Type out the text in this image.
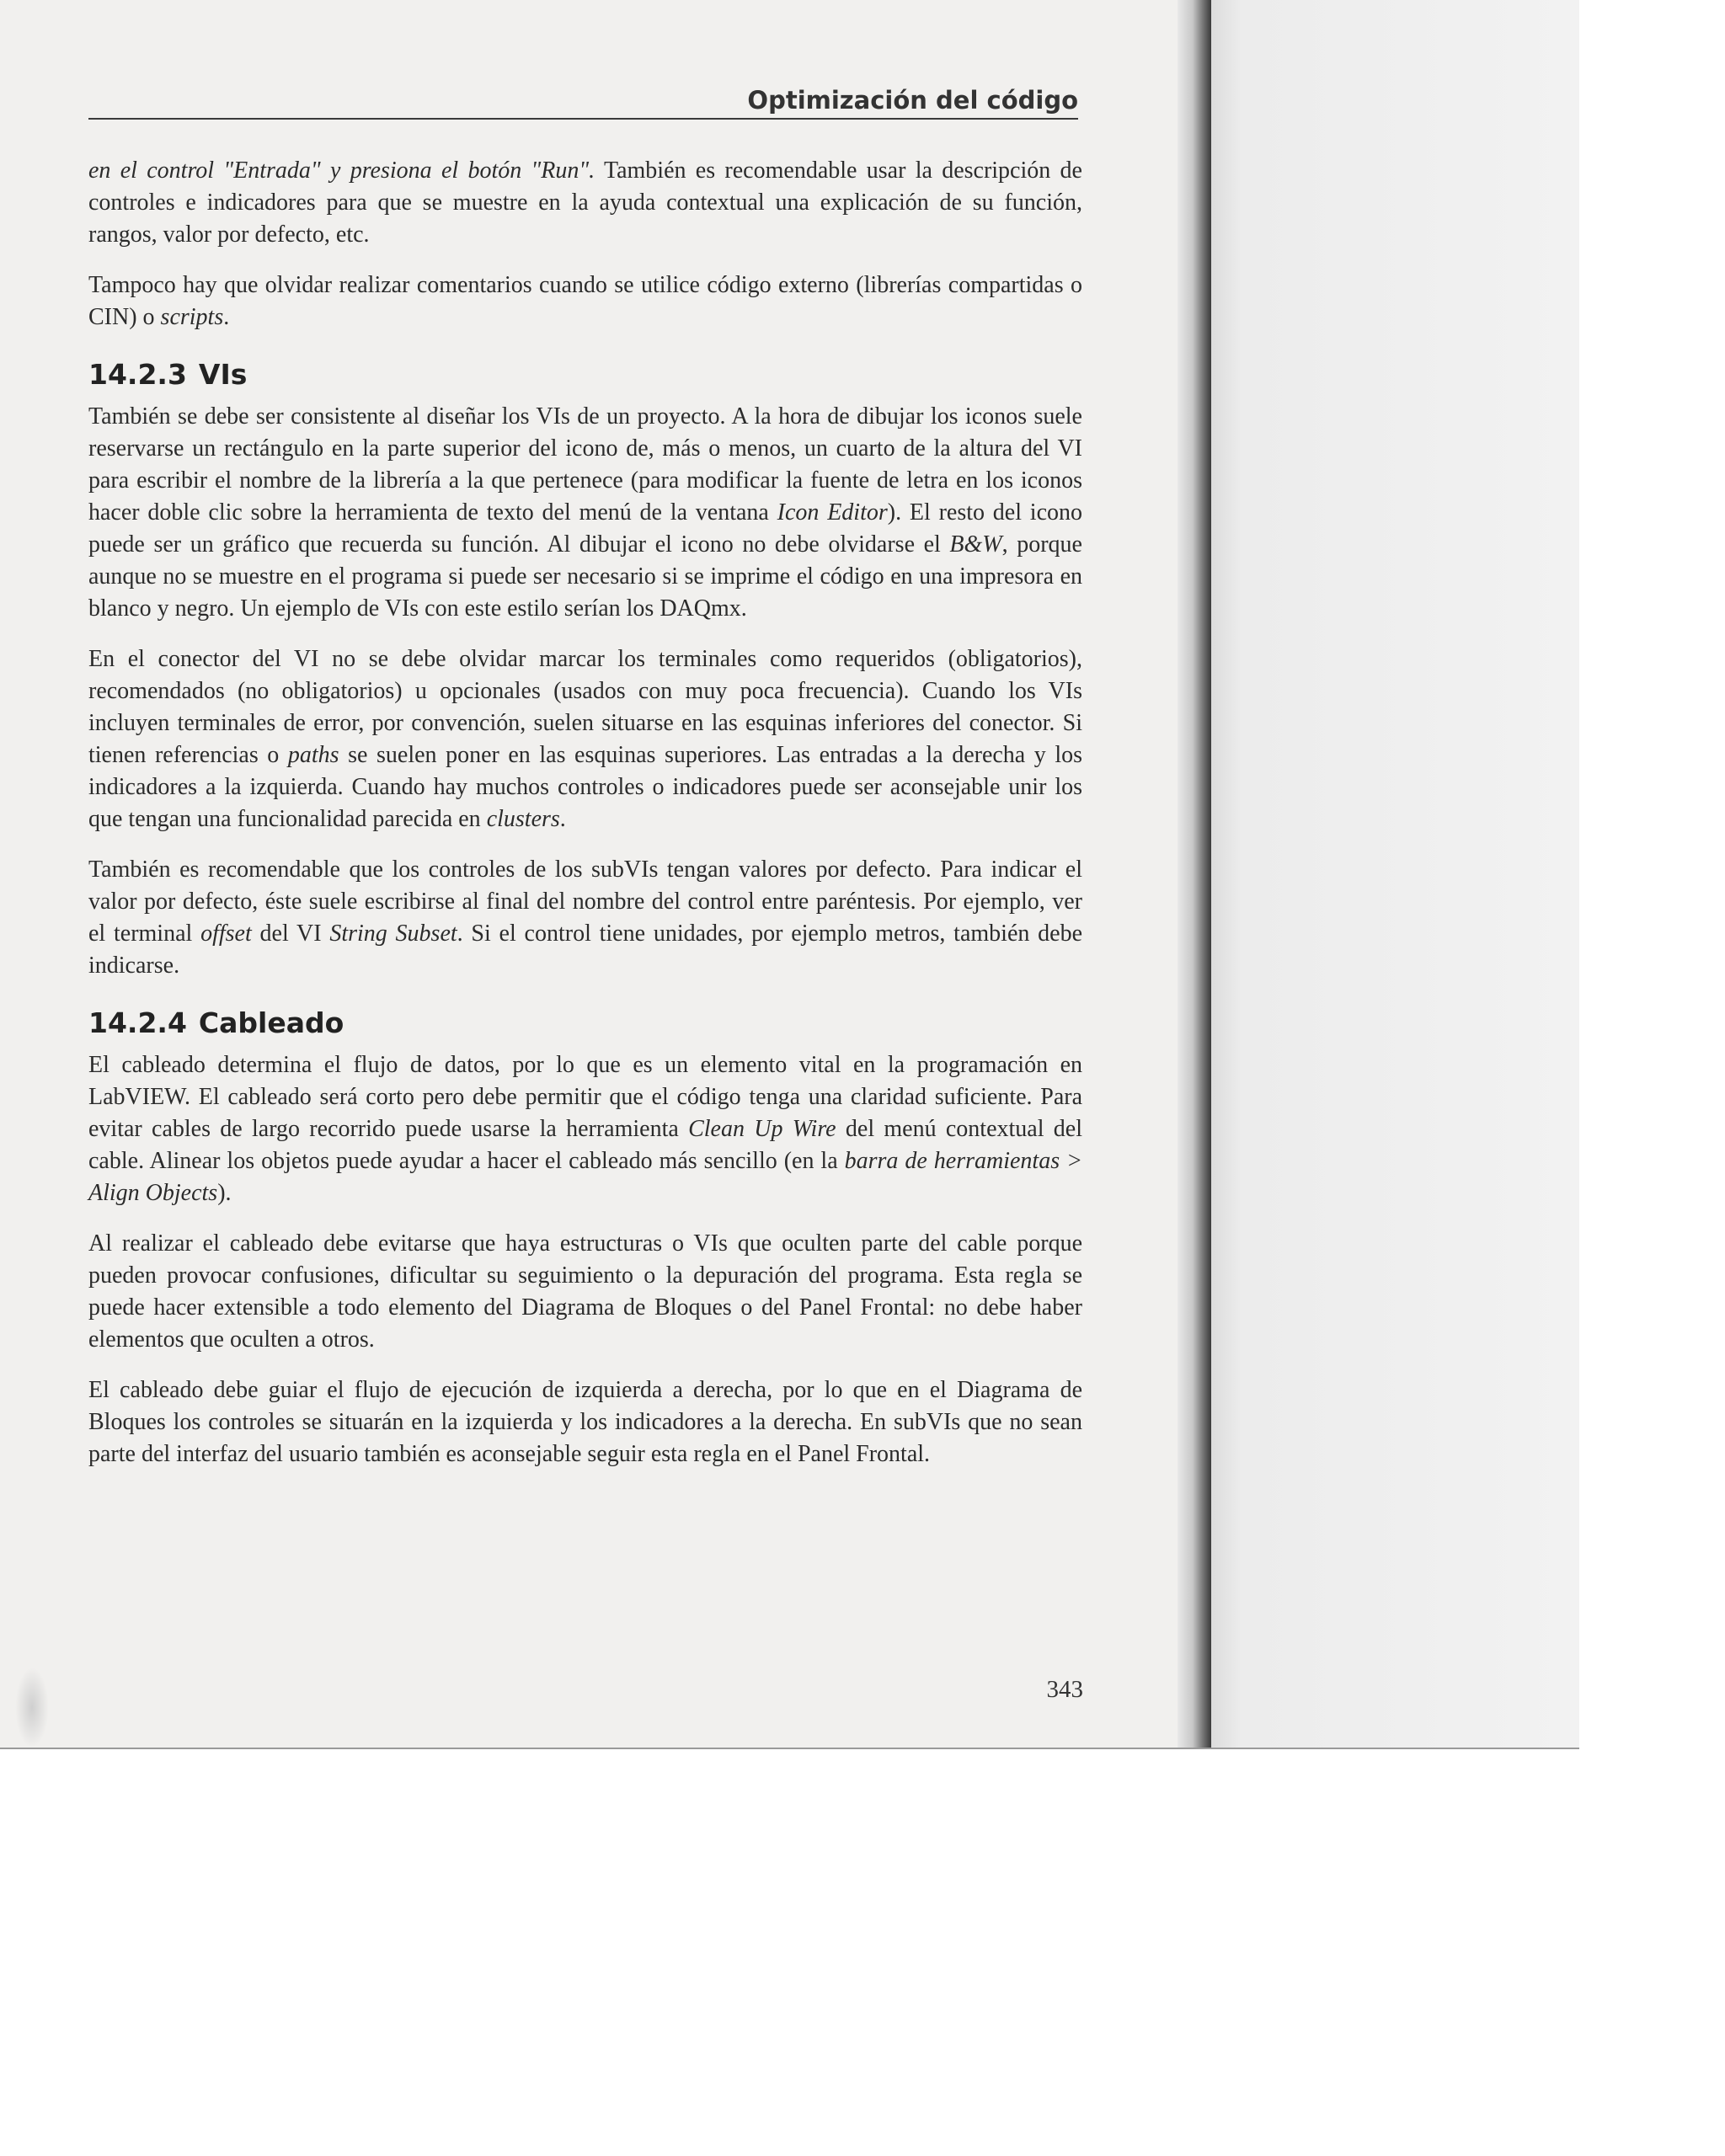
Optimización del código

en el control "Entrada" y presiona el botón "Run". También es recomendable usar la descripción de controles e indicadores para que se muestre en la ayuda contextual una explicación de su función, rangos, valor por defecto, etc.

Tampoco hay que olvidar realizar comentarios cuando se utilice código externo (librerías compartidas o CIN) o scripts.

14.2.3 VIs

También se debe ser consistente al diseñar los VIs de un proyecto. A la hora de dibujar los iconos suele reservarse un rectángulo en la parte superior del icono de, más o menos, un cuarto de la altura del VI para escribir el nombre de la librería a la que pertenece (para modificar la fuente de letra en los iconos hacer doble clic sobre la herramienta de texto del menú de la ventana Icon Editor). El resto del icono puede ser un gráfico que recuerda su función. Al dibujar el icono no debe olvidarse el B&W, porque aunque no se muestre en el programa si puede ser necesario si se imprime el código en una impresora en blanco y negro. Un ejemplo de VIs con este estilo serían los DAQmx.

En el conector del VI no se debe olvidar marcar los terminales como requeridos (obligatorios), recomendados (no obligatorios) u opcionales (usados con muy poca frecuencia). Cuando los VIs incluyen terminales de error, por convención, suelen situarse en las esquinas inferiores del conector. Si tienen referencias o paths se suelen poner en las esquinas superiores. Las entradas a la derecha y los indicadores a la izquierda. Cuando hay muchos controles o indicadores puede ser aconsejable unir los que tengan una funcionalidad parecida en clusters.

También es recomendable que los controles de los subVIs tengan valores por defecto. Para indicar el valor por defecto, éste suele escribirse al final del nombre del control entre paréntesis. Por ejemplo, ver el terminal offset del VI String Subset. Si el control tiene unidades, por ejemplo metros, también debe indicarse.

14.2.4 Cableado

El cableado determina el flujo de datos, por lo que es un elemento vital en la programación en LabVIEW. El cableado será corto pero debe permitir que el código tenga una claridad suficiente. Para evitar cables de largo recorrido puede usarse la herramienta Clean Up Wire del menú contextual del cable. Alinear los objetos puede ayudar a hacer el cableado más sencillo (en la barra de herramientas > Align Objects).

Al realizar el cableado debe evitarse que haya estructuras o VIs que oculten parte del cable porque pueden provocar confusiones, dificultar su seguimiento o la depuración del programa. Esta regla se puede hacer extensible a todo elemento del Diagrama de Bloques o del Panel Frontal: no debe haber elementos que oculten a otros.

El cableado debe guiar el flujo de ejecución de izquierda a derecha, por lo que en el Diagrama de Bloques los controles se situarán en la izquierda y los indicadores a la derecha. En subVIs que no sean parte del interfaz del usuario también es aconsejable seguir esta regla en el Panel Frontal.

343
